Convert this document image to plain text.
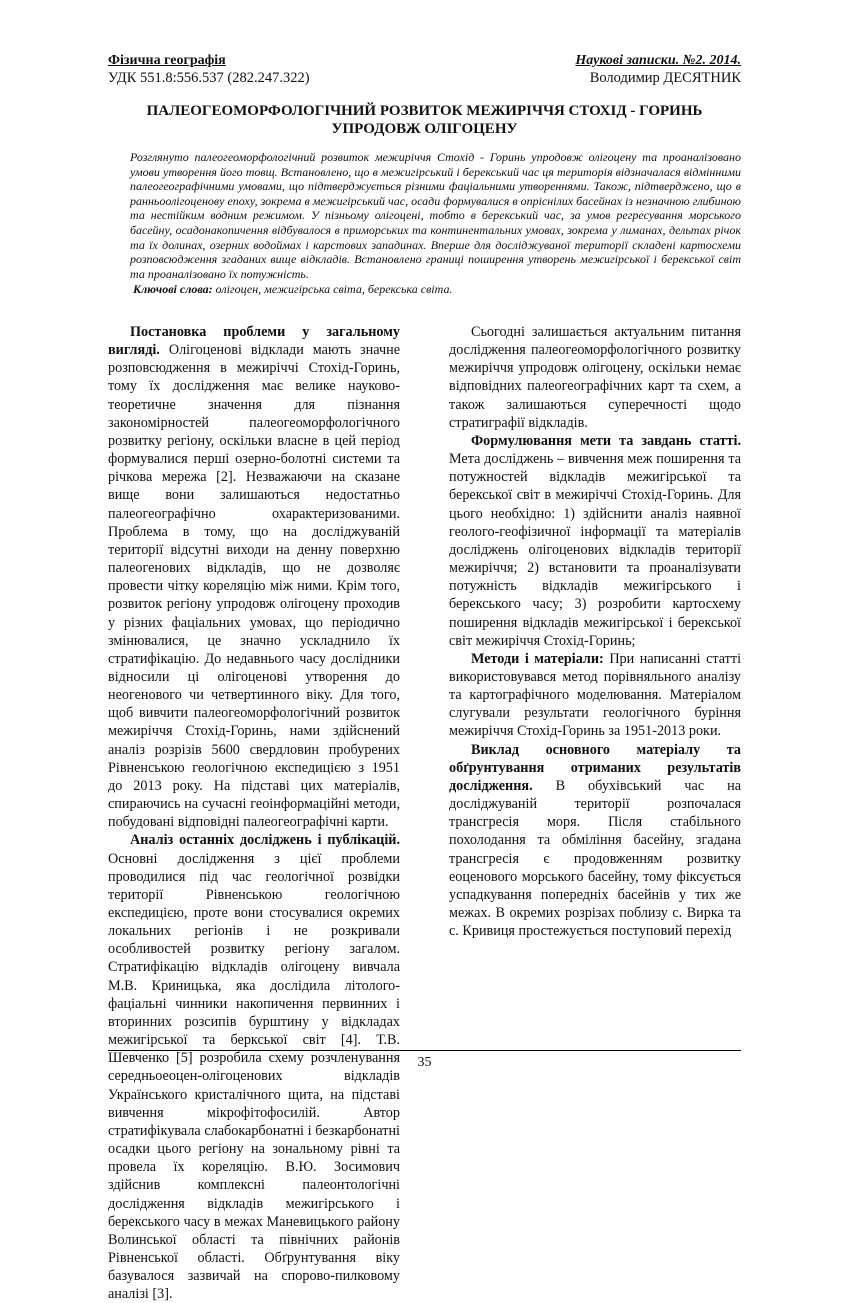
Фізична географія	Наукові записки. №2. 2014.
УДК 551.8:556.537 (282.247.322)	Володимир ДЕСЯТНИК
ПАЛЕОГЕОМОРФОЛОГІЧНИЙ РОЗВИТОК МЕЖИРІЧЧЯ СТОХІД - ГОРИНЬ УПРОДОВЖ ОЛІГОЦЕНУ
Розглянуто палеогеоморфологічний розвиток межиріччя Стохід - Горинь упродовж олігоцену та проаналізовано умови утворення його товщ. Встановлено, що в межигірський і берекський час ця територія відзначалася відмінними палеогеографічними умовами, що підтверджується різними фаціальними утвореннями. Також, підтверджено, що в ранньоолігоценову епоху, зокрема в межигірський час, осади формувалися в опріснілих басейнах із незначною глибиною та нестійким водним режимом. У пізньому олігоцені, тобто в берекський час, за умов регресування морського басейну, осадонакопичення відбувалося в приморських та континентальних умовах, зокрема у лиманах, дельтах річок та їх долинах, озерних водоймах і карстових западинах. Вперше для досліджуваної території складені картосхеми розповсюдження згаданих вище відкладів. Встановлено границі поширення утворень межигірської і берекської світ та проаналізовано їх потужність.
Ключові слова: олігоцен, межигірська світа, берекська світа.

Постановка проблеми у загальному вигляді. Олігоценові відклади мають значне розповсюдження в межиріччі Стохід-Горинь, тому їх дослідження має велике науково-теоретичне значення для пізнання закономірностей палеогеоморфологічного розвитку регіону, оскільки власне в цей період формувалися перші озерно-болотні системи та річкова мережа [2]. Незважаючи на сказане вище вони залишаються недостатньо палеогеографічно охарактеризованими. Проблема в тому, що на досліджуваній території відсутні виходи на денну поверхню палеогенових відкладів, що не дозволяє провести чітку кореляцію між ними. Крім того, розвиток регіону упродовж олігоцену проходив у різних фаціальних умовах, що періодично змінювалися, це значно ускладнило їх стратифікацію. До недавнього часу дослідники відносили ці олігоценові утворення до неогенового чи четвертинного віку. Для того, щоб вивчити палеогеоморфологічний розвиток межиріччя Стохід-Горинь, нами здійснений аналіз розрізів 5600 свердловин пробурених Рівненською геологічною експедицією з 1951 до 2013 року. На підставі цих матеріалів, спираючись на сучасні геоінформаційні методи, побудовані відповідні палеогеографічні карти.

Аналіз останніх досліджень і публікацій. Основні дослідження з цієї проблеми проводилися під час геологічної розвідки території Рівненською геологічною експедицією, проте вони стосувалися окремих локальних регіонів і не розкривали особливостей розвитку регіону загалом. Стратифікацію відкладів олігоцену вивчала М.В. Криницька, яка дослідила літолого-фаціальні чинники накопичення первинних і вторинних розсипів бурштину у відкладах межигірської та беркської світ [4]. Т.В. Шевченко [5] розробила схему розчленування середньоеоцен-олігоценових відкладів Українського кристалічного щита, на підставі вивчення мікрофітофосилій. Автор стратифікувала слабокарбонатні і безкарбонатні осадки цього регіону на зональному рівні та провела їх кореляцію. В.Ю. Зосимович здійснив комплексні палеонтологічні дослідження відкладів межигірського і берекського часу в межах Маневицького району Волинської області та північних районів Рівненської області. Обґрунтування віку базувалося зазвичай на спорово-пилковому аналізі [3].

Сьогодні залишається актуальним питання дослідження палеогеоморфологічного розвитку межиріччя упродовж олігоцену, оскільки немає відповідних палеогеографічних карт та схем, а також залишаються суперечності щодо стратиграфії відкладів.

Формулювання мети та завдань статті. Мета досліджень – вивчення меж поширення та потужностей відкладів межигірської та берекської світ в межиріччі Стохід-Горинь. Для цього необхідно: 1) здійснити аналіз наявної геолого-геофізичної інформації та матеріалів досліджень олігоценових відкладів території межиріччя; 2) встановити та проаналізувати потужність відкладів межигірського і берекського часу; 3) розробити картосхему поширення відкладів межигірської і берекської світ межиріччя Стохід-Горинь;

Методи і матеріали: При написанні статті використовувався метод порівняльного аналізу та картографічного моделювання. Матеріалом слугували результати геологічного буріння межиріччя Стохід-Горинь за 1951-2013 роки.

Виклад основного матеріалу та обґрунтування отриманих результатів дослідження. В обухівський час на досліджуваній території розпочалася трансгресія моря. Після стабільного похолодання та обміління басейну, згадана трансгресія є продовженням розвитку еоценового морського басейну, тому фіксується успадкування попередніх басейнів у тих же межах. В окремих розрізах поблизу с. Вирка та с. Кривиця простежується поступовий перехід

35
